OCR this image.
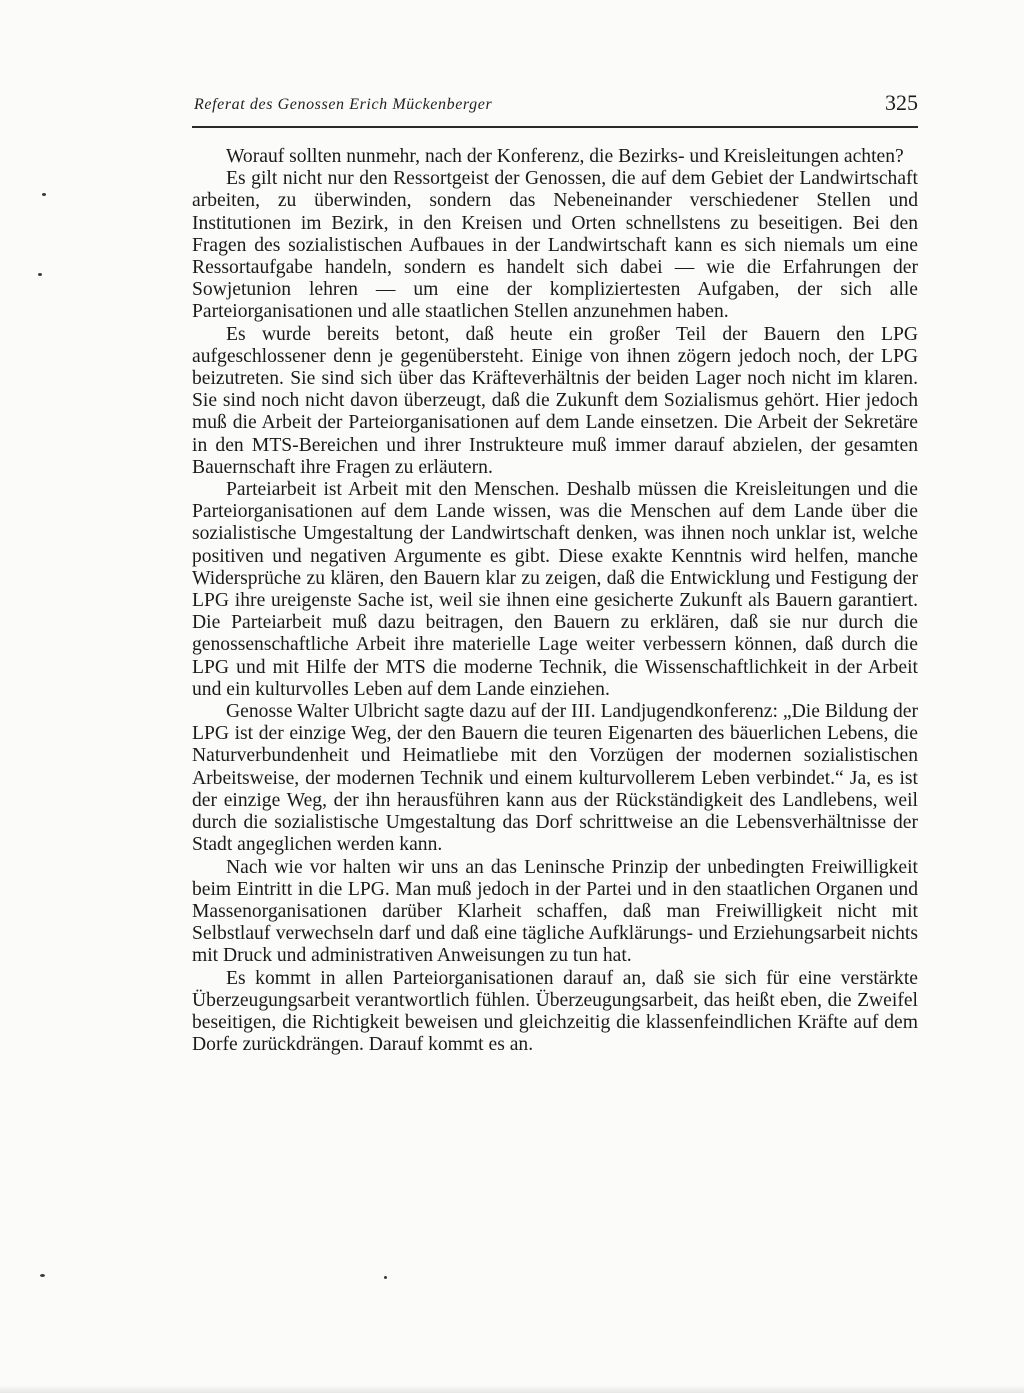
Referat des Genossen Erich Mückenberger	325

Worauf sollten nunmehr, nach der Konferenz, die Bezirks- und Kreisleitungen achten?

Es gilt nicht nur den Ressortgeist der Genossen, die auf dem Gebiet der Landwirtschaft arbeiten, zu überwinden, sondern das Nebeneinander verschiedener Stellen und Institutionen im Bezirk, in den Kreisen und Orten schnellstens zu beseitigen. Bei den Fragen des sozialistischen Aufbaues in der Landwirtschaft kann es sich niemals um eine Ressortaufgabe handeln, sondern es handelt sich dabei — wie die Erfahrungen der Sowjetunion lehren — um eine der kompliziertesten Aufgaben, der sich alle Parteiorganisationen und alle staatlichen Stellen anzunehmen haben.

Es wurde bereits betont, daß heute ein großer Teil der Bauern den LPG aufgeschlossener denn je gegenübersteht. Einige von ihnen zögern jedoch noch, der LPG beizutreten. Sie sind sich über das Kräfteverhältnis der beiden Lager noch nicht im klaren. Sie sind noch nicht davon überzeugt, daß die Zukunft dem Sozialismus gehört. Hier jedoch muß die Arbeit der Parteiorganisationen auf dem Lande einsetzen. Die Arbeit der Sekretäre in den MTS-Bereichen und ihrer Instrukteure muß immer darauf abzielen, der gesamten Bauernschaft ihre Fragen zu erläutern.

Parteiarbeit ist Arbeit mit den Menschen. Deshalb müssen die Kreisleitungen und die Parteiorganisationen auf dem Lande wissen, was die Menschen auf dem Lande über die sozialistische Umgestaltung der Landwirtschaft denken, was ihnen noch unklar ist, welche positiven und negativen Argumente es gibt. Diese exakte Kenntnis wird helfen, manche Widersprüche zu klären, den Bauern klar zu zeigen, daß die Entwicklung und Festigung der LPG ihre ureigenste Sache ist, weil sie ihnen eine gesicherte Zukunft als Bauern garantiert. Die Parteiarbeit muß dazu beitragen, den Bauern zu erklären, daß sie nur durch die genossenschaftliche Arbeit ihre materielle Lage weiter verbessern können, daß durch die LPG und mit Hilfe der MTS die moderne Technik, die Wissenschaftlichkeit in der Arbeit und ein kulturvolles Leben auf dem Lande einziehen.

Genosse Walter Ulbricht sagte dazu auf der III. Landjugendkonferenz: „Die Bildung der LPG ist der einzige Weg, der den Bauern die teuren Eigenarten des bäuerlichen Lebens, die Naturverbundenheit und Heimatliebe mit den Vorzügen der modernen sozialistischen Arbeitsweise, der modernen Technik und einem kulturvollerem Leben verbindet.“ Ja, es ist der einzige Weg, der ihn herausführen kann aus der Rückständigkeit des Landlebens, weil durch die sozialistische Umgestaltung das Dorf schrittweise an die Lebensverhältnisse der Stadt angeglichen werden kann.

Nach wie vor halten wir uns an das Leninsche Prinzip der unbedingten Freiwilligkeit beim Eintritt in die LPG. Man muß jedoch in der Partei und in den staatlichen Organen und Massenorganisationen darüber Klarheit schaffen, daß man Freiwilligkeit nicht mit Selbstlauf verwechseln darf und daß eine tägliche Aufklärungs- und Erziehungsarbeit nichts mit Druck und administrativen Anweisungen zu tun hat.

Es kommt in allen Parteiorganisationen darauf an, daß sie sich für eine verstärkte Überzeugungsarbeit verantwortlich fühlen. Überzeugungsarbeit, das heißt eben, die Zweifel beseitigen, die Richtigkeit beweisen und gleichzeitig die klassenfeindlichen Kräfte auf dem Dorfe zurückdrängen. Darauf kommt es an.
